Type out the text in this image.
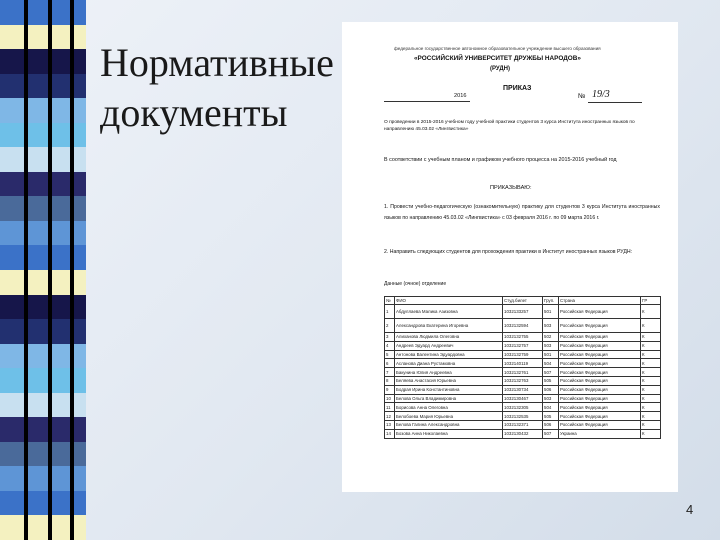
Нормативные
документы
федеральное государственное автономное образовательное учреждение высшего образования
«РОССИЙСКИЙ УНИВЕРСИТЕТ ДРУЖБЫ НАРОДОВ»
(РУДН)
2016
ПРИКАЗ
№ 19/3
О проведении в 2015-2016 учебном году учебной практики студентов 3 курса Института иностранных языков по направлению 45.03.02 «Лингвистика»
В соответствии с учебным планом и графиком учебного процесса на 2015-2016 учебный год
ПРИКАЗЫВАЮ:
1. Провести учебно-педагогическую (ознакомительную) практику для студентов 3 курса Института иностранных языков по направлению 45.03.02 «Лингвистика» с 03 февраля 2016 г. по 09 марта 2016 г.
2. Направить следующих студентов для прохождения практики в Институт иностранных языков РУДН:
Данные (очное) отделение
№	ФИО	Студ.билет	Груп.	Страна	ГР
1	Абдуллаева Малика Азизовна	1032133257	501	Российская Федерация	К
2	Александрова Екатерина Игоревна	1032132594	503	Российская Федерация	К
3	Алиханова Людмила Олеговна	1032132755	502	Российская Федерация	К
4	Андреев Эдуард Андреевич	1032132757	503	Российская Федерация	К
5	Антонова Валентина Эдуардовна	1032132759	501	Российская Федерация	К
6	Асланова Диана Рустамовна	1032140119	504	Российская Федерация	К
7	Бакунина Юлия Андреевна	1032132761	507	Российская Федерация	К
8	Беляева Анастасия Юрьевна	1032132763	505	Российская Федерация	К
9	Бодрая Ирина Константиновна	1032130734	506	Российская Федерация	К
10	Белова Ольга Владимировна	1032130467	503	Российская Федерация	К
11	Борисова Анна Олеговна	1032132305	504	Российская Федерация	К
12	Белобоева Мария Юрьевна	1032132535	505	Российская Федерация	К
13	Белова Галина Александровна	1032132371	506	Российская Федерация	К
14	Бозова Анна Николаевна	1032130432	507	Украина	К
4
